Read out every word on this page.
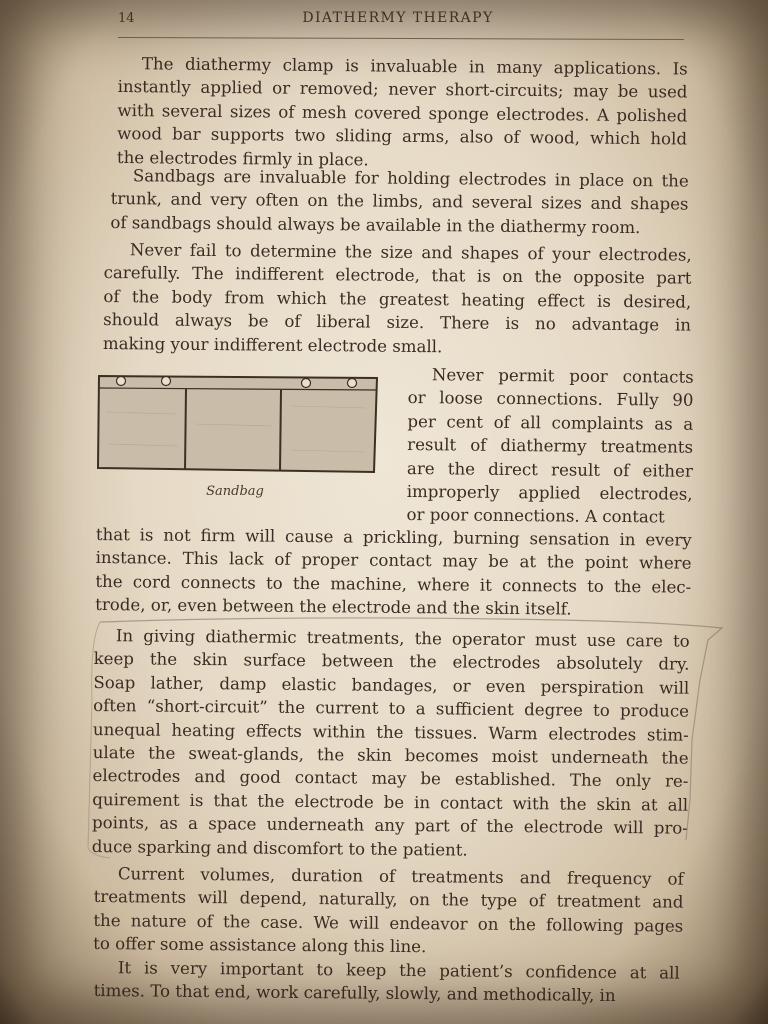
14	DIATHERMY THERAPY
The diathermy clamp is invaluable in many applications. Is
instantly applied or removed; never short-circuits; may be used
with several sizes of mesh covered sponge electrodes. A polished
wood bar supports two sliding arms, also of wood, which hold
the electrodes firmly in place.
Sandbags are invaluable for holding electrodes in place on the
trunk, and very often on the limbs, and several sizes and shapes
of sandbags should always be available in the diathermy room.
Never fail to determine the size and shapes of your electrodes,
carefully. The indifferent electrode, that is on the opposite part
of the body from which the greatest heating effect is desired,
should always be of liberal size. There is no advantage in
making your indifferent electrode small.
Sandbag
Never permit poor contacts
or loose connections. Fully 90
per cent of all complaints as a
result of diathermy treatments
are the direct result of either
improperly applied electrodes,
or poor connections. A contact
that is not firm will cause a prickling, burning sensation in every
instance. This lack of proper contact may be at the point where
the cord connects to the machine, where it connects to the elec-
trode, or, even between the electrode and the skin itself.
In giving diathermic treatments, the operator must use care to
keep the skin surface between the electrodes absolutely dry.
Soap lather, damp elastic bandages, or even perspiration will
often “short-circuit” the current to a sufficient degree to produce
unequal heating effects within the tissues. Warm electrodes stim-
ulate the sweat-glands, the skin becomes moist underneath the
electrodes and good contact may be established. The only re-
quirement is that the electrode be in contact with the skin at all
points, as a space underneath any part of the electrode will pro-
duce sparking and discomfort to the patient.
Current volumes, duration of treatments and frequency of
treatments will depend, naturally, on the type of treatment and
the nature of the case. We will endeavor on the following pages
to offer some assistance along this line.
It is very important to keep the patient’s confidence at all
times. To that end, work carefully, slowly, and methodically, in
